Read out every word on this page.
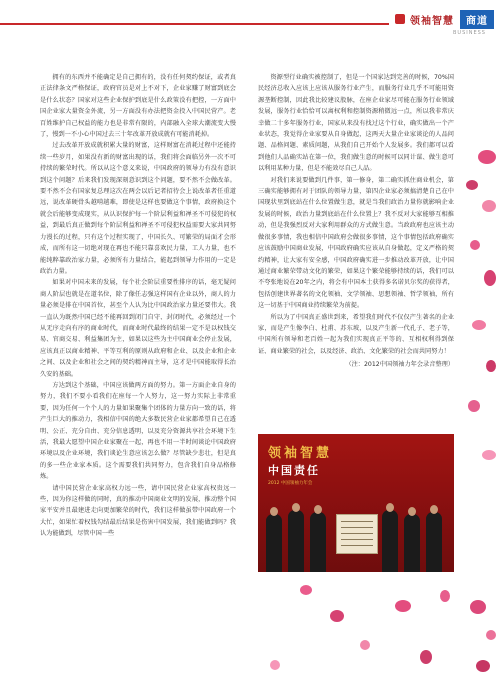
领袖智慧	商道
BUSINESS

拥有的东西并不能确定是自己拥有的，没有任何契约保证，或者真正法律条文严格保证，政府官员是对上不对下，企业家赚了财富到底会是什么状态？国家对这些企业保护到底是什么政策没有把控，一方面中国企业家大量资金外流，另一方面没有办法把资金投入中国民营产。老百姓维护自己权益的能力也是非常有限的，内部融入全球大潮流变大慢了，慢到一不小心中国过去三十年改革开放成就有可能消耗掉。

过去改革开放成就积累大量的财富，这样财富在消耗过程中还能持续一些岁月，如果没有新的财富出现的话，我们将会面临另外一次不可持续的繁荣时代。所以从这个意义来说，中国政府的领导力有没有意识到这个问题？后来我们发现深刻意识到这个问题，要不然不会做改革。要不然不会有国家复总理这次在两会以后记者招待会上说改革者任重道远，说改革硬骨头越啃越难，即使是这样也要做这个事情，政府换这个就会后能够变成现实，从认识保护每一个阶层利益和禅圣不可侵犯的权益，到最后真正做到每个阶层利益和禅圣不可侵犯权益需要大家共同努力漫长的过程，只有这个过程实现了，中国长久、可繁荣的局面才会形成，而所有这一切绝对现在再也不能只靠喜欢民力量，工人力量，也不能纯粹靠政治家力量，必须所有力量结合，能起到领导力作用的一定是政治力量。

如果对中国未来的发展，每个社会阶层重要性排序的话，毫无疑问商人阶层也就是在道名位，除了像任志强这样国有企业以外，商人的力量必须是排在中国首位，甚至个人认为比中国政治家力量还要伟大。我一直认为既然中国已经不能再回到闭门自守、封闭时代，必须经过一个从无序走向有序的商业时代，而商业时代最终的结果一定不是以权钱交易、官商交易、利益集团为主，如果以这些为主中国商业会停止发展，应该真正以商业精神、平等互利的原则从政府和企业、以及企业和企业之间、以及企业和社会之间的契约精神而主导，这才是中国能取得长治久安的基础。

方达到这个基础，中国应该做两方面的努力。第一方面企业自身的努力，我们不要小看我们在座每一个人努力，这一努力实际上非常重要，因为任何一个个人的力量如果聚集个团体的力量方向一致的话，将产生巨大的推动力，我相信中国的绝大多数民营企业家都希望自己在透明、公正、充分自由、充分信息透明，以及充分资源共享社会环境下生活，我最大愿望中国企业家聚在一起，再也不用一半时间谈论中国政府环境以及企业环境，我们谈论生意应该怎么做？尽管缺少悲壮，但是真的多一些企业家本质。这个需要我们共同努力，包含我们自身品格修炼。

请中国民营企业家高权力远一些，请中国民营企业家高权贵远一些，因为你这样做的同时，真的推动中国商业文明的发展，推动整个国家平安并且最建进走向更加繁荣的时代，我们这样做虽带中国政府一个大忙，如果忙着权钱勾结最后结果是伤害中国发展，我们能做到吗？我认为能做到，尽管中国一些

资源型行业确实被控制了，但是一个国家达到完善的时候，70%国民经济总收入应该上应该从服务行业产生，而服务行业几乎不可能用资源垄断控制，因此我比较建议股脉，在座企业家尽可能在服务行业领域发展，服务行业恰恰可以离权利和控制资源稍微远一点，所以我非常庆幸做二十多年服务行业，国家从来没有找过这个行业，确实做出一个产业状态，我觉得企业家要从自身做起，这两天大量企业家谈论的人品问题、品格问题、素质问题，从我们自己开始个人发展多。我们都可以看到他们人品确实站在第一位，我们做生意的时候可以同计谋、做生意可以利用某种力量，但是不能效尽自己人品。

对我们来说要做到几件事，第一修身，第二确实抓住商业机会，第三确实能够拥有对于团队的领导力量，第四企业家必须搞清楚自己在中国现状里到底站在什么位置做生意，就是当我们政治力量你就影响企业发展的时候，政治力量到底站在什么位置上？我不反对大家能够互相推动，但是我强烈反对大家利用群众的方式做生意。当政政府也应该主动做很多事情，我也相信中国政府会做很多事情，这个事情包括政府确实应该鼓励中国商业发展，中国政府确实应该从自身做起，定义严格的契约精神，让大家有安全感，中国政府确实进一步推动改革开放，让中国通过商业繁荣带动文化的繁荣，如果这个繁荣能够持续的话，我们可以不夸张地说在20年之内，将会有中国本土获得多名诺贝尔奖的获得者，包括创建世界著名的文化领袖、文学领袖、思想领袖、哲学领袖，所有这一切基于中国商业持续繁荣为前提。

所以为了中国真正盛世到来，希望我们时代不仅仅产生著名的企业家，而是产生像李白、杜甫、苏东坡，以及产生新一代孔子、老子等，中国所有领导和老百姓一起为我们实现真正平等的、互相权利得到保证、商业繁荣的社会，以及经济、政治、文化繁荣的社会而共同努力！

（注：2012中国领袖力年会录音整理）

领袖智慧
中国责任
2012 中国领袖力年会
